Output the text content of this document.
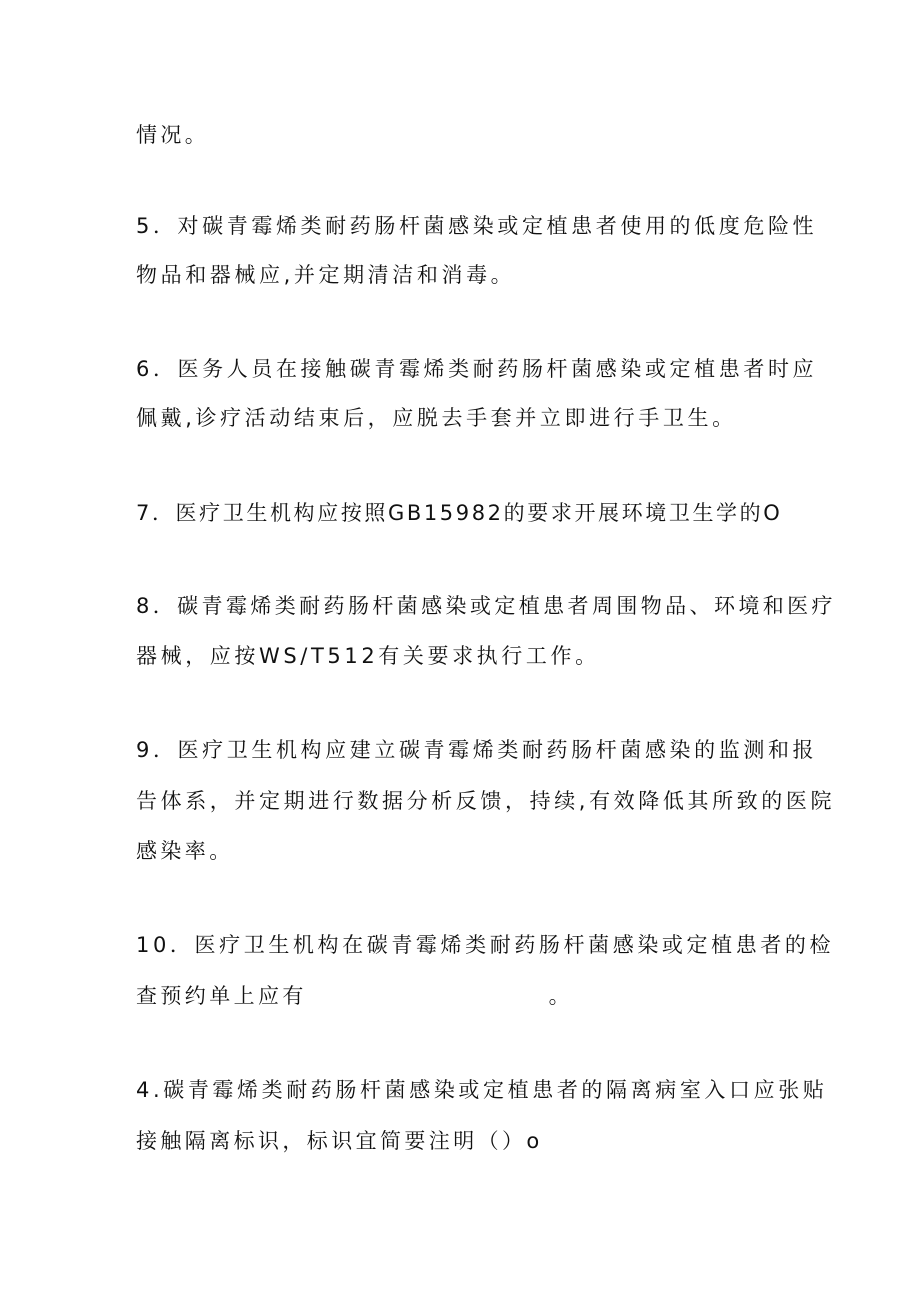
情况。

5．对碳青霉烯类耐药肠杆菌感染或定植患者使用的低度危险性

物品和器械应,并定期清洁和消毒。

6．医务人员在接触碳青霉烯类耐药肠杆菌感染或定植患者时应

佩戴,诊疗活动结束后，应脱去手套并立即进行手卫生。

7．医疗卫生机构应按照GB15982的要求开展环境卫生学的O

8．碳青霉烯类耐药肠杆菌感染或定植患者周围物品、环境和医疗

器械，应按WS/T512有关要求执行工作。

9．医疗卫生机构应建立碳青霉烯类耐药肠杆菌感染的监测和报

告体系，并定期进行数据分析反馈，持续,有效降低其所致的医院

感染率。

10．医疗卫生机构在碳青霉烯类耐药肠杆菌感染或定植患者的检

查预约单上应有                        。

4.碳青霉烯类耐药肠杆菌感染或定植患者的隔离病室入口应张贴

接触隔离标识，标识宜简要注明（）o
